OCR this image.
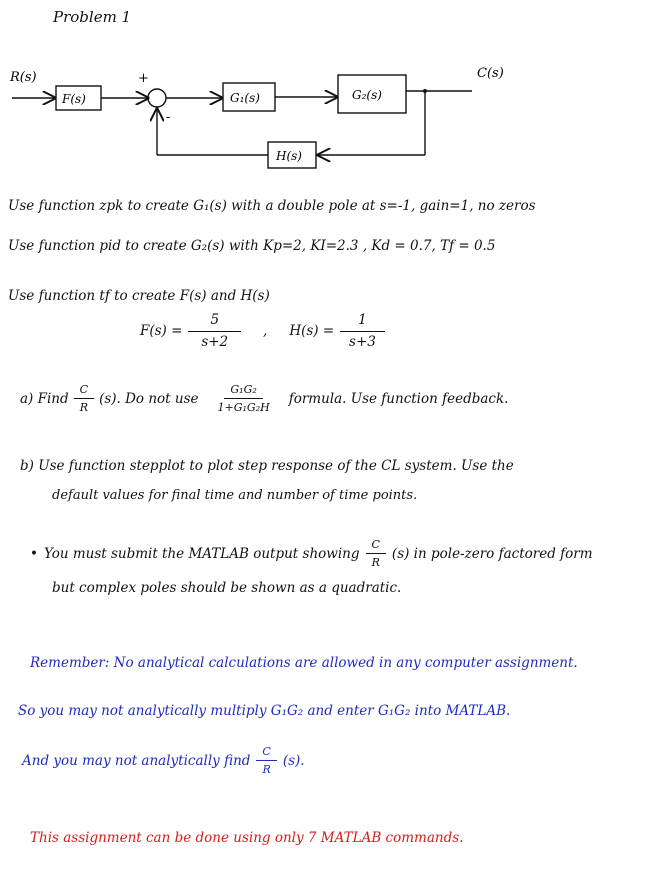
Problem 1
R(s)
F(s)
+
-
G₁(s)	G₂(s)
C(s)
H(s)
Use function zpk to create G₁(s) with a double pole at s=-1, gain=1, no zeros
Use function pid to create G₂(s) with Kp=2, KI=2.3 , Kd = 0.7, Tf = 0.5
Use function tf to create F(s) and H(s)
$F(s) = \frac{5}{s+2}$ , $H(s) = \frac{1}{s+3}$
a) Find $\frac{C}{R} (s)$. Do not use $\frac{\text{G₁G₂}}{\text{1+G₁G₂H}}$ formula. Use function feedback.
b) Use function stepplot to plot step response of the CL system. Use the
default values for final time and number of time points.
• You must submit the MATLAB output showing $\frac{C}{R} (s)$ in pole-zero factored form
but complex poles should be shown as a quadratic.
Remember: No analytical calculations are allowed in any computer assignment.
So you may not analytically multiply G₁G₂ and enter G₁G₂ into MATLAB.
And you may not analytically find $\frac{C}{R} (s)$.
This assignment can be done using only 7 MATLAB commands.
